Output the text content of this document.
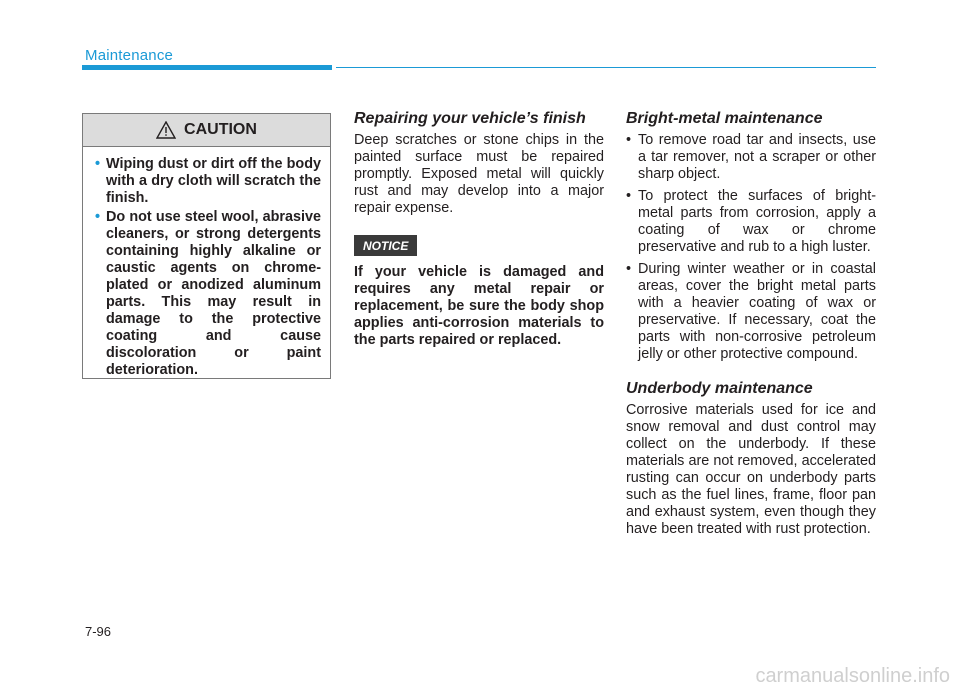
Maintenance
CAUTION
• Wiping dust or dirt off the body with a dry cloth will scratch the finish.
• Do not use steel wool, abrasive cleaners, or strong detergents containing highly alkaline or caustic agents on chrome-plated or anodized aluminum parts. This may result in damage to the protective coating and cause discoloration or paint deterioration.
Repairing your vehicle’s finish

Deep scratches or stone chips in the painted surface must be repaired promptly. Exposed metal will quickly rust and may develop into a major repair expense.

NOTICE

If your vehicle is damaged and requires any metal repair or replacement, be sure the body shop applies anti-corrosion materials to the parts repaired or replaced.

Bright-metal maintenance
• To remove road tar and insects, use a tar remover, not a scraper or other sharp object.
• To protect the surfaces of bright-metal parts from corrosion, apply a coating of wax or chrome preservative and rub to a high luster.
• During winter weather or in coastal areas, cover the bright metal parts with a heavier coating of wax or preservative. If necessary, coat the parts with non-corrosive petroleum jelly or other protective compound.
Underbody maintenance

Corrosive materials used for ice and snow removal and dust control may collect on the underbody. If these materials are not removed, accelerated rusting can occur on underbody parts such as the fuel lines, frame, floor pan and exhaust system, even though they have been treated with rust protection.

7-96
carmanualsonline.info
